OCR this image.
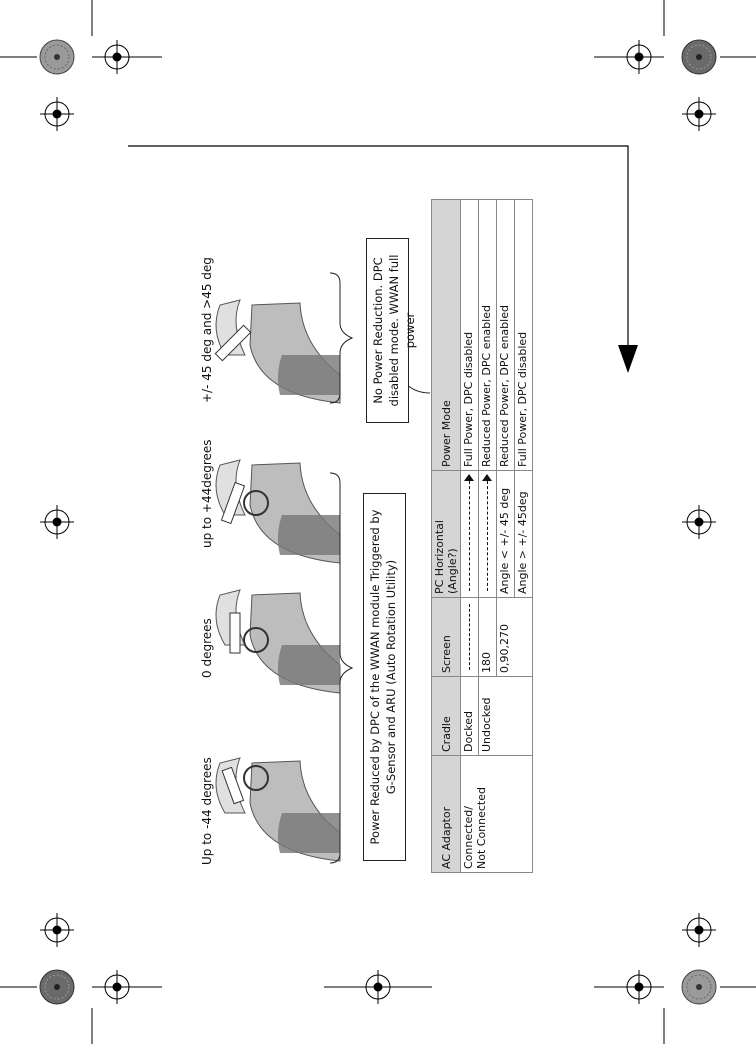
Up to -44 degrees
0 degrees
up to +44degrees
+/- 45 deg and >45 deg
Power Reduced by DPC of the WWAN module Triggered by G-Sensor and ARU (Auto Rotation Utility)
No Power Reduction. DPC disabled mode. WWAN full power
AC Adaptor	Cradle	Screen	PC Horizontal (Angle?)	Power Mode

Connected/ Not Connected	Docked			Full Power, DPC disabled
	Undocked	180		Reduced Power, DPC enabled
		0,90,270	Angle < +/- 45 deg	Reduced Power, DPC enabled
			Angle > +/- 45deg	Full Power, DPC disabled
